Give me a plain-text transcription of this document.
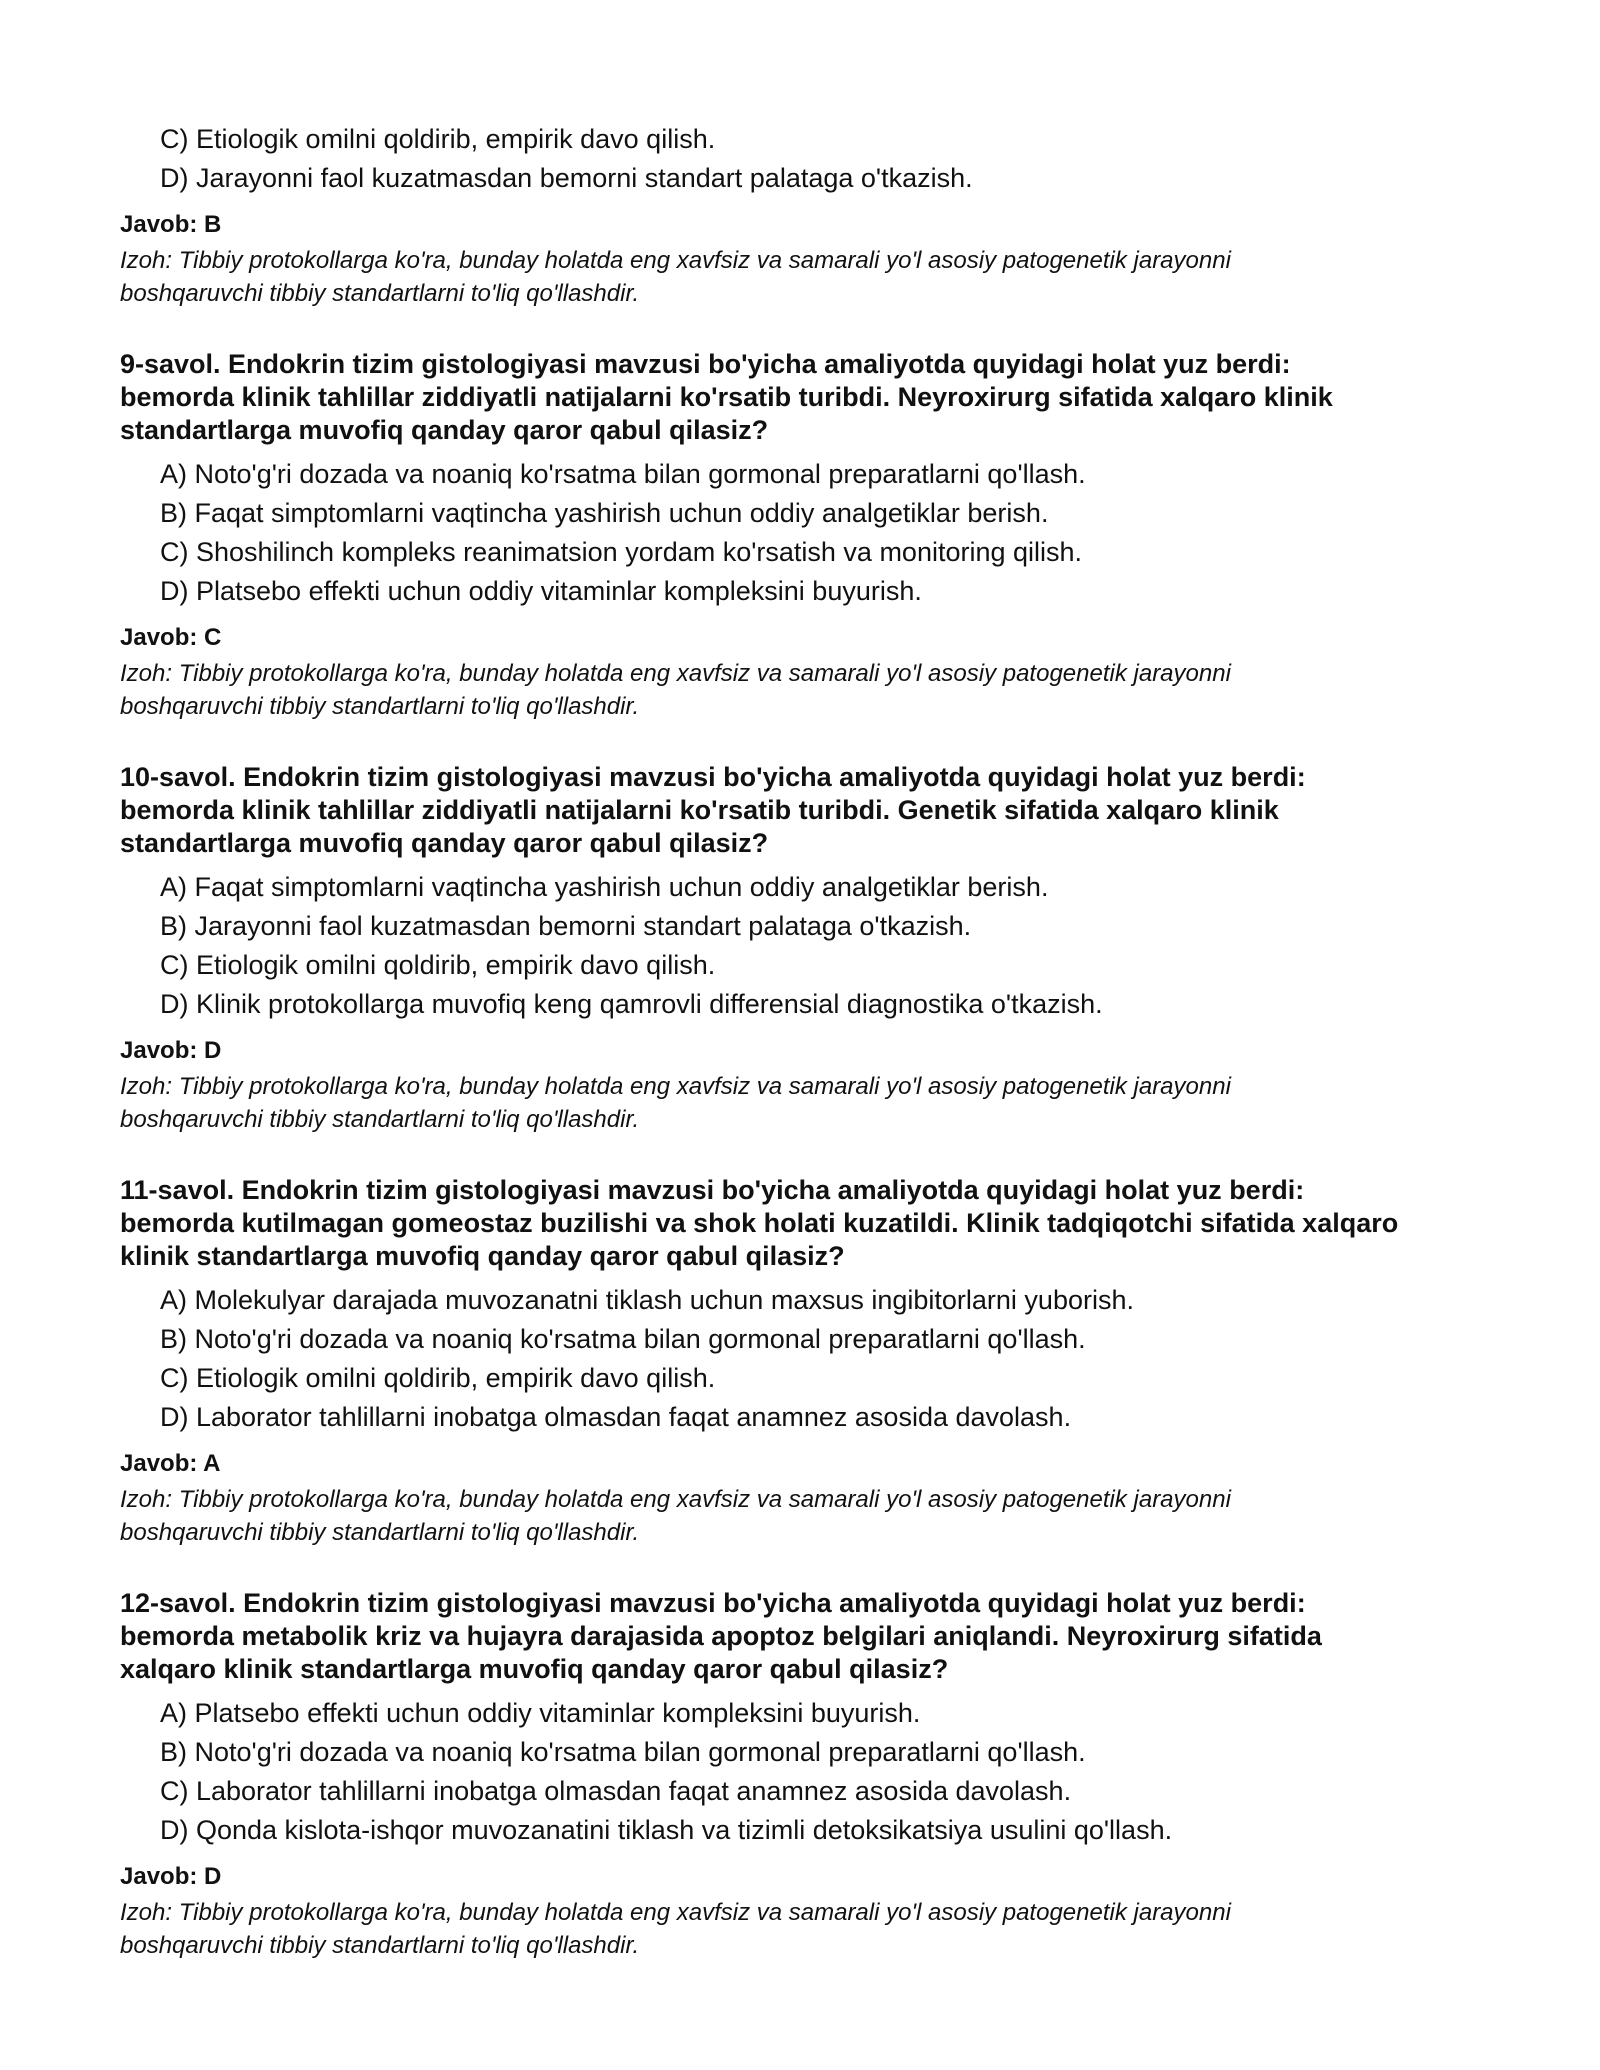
C) Etiologik omilni qoldirib, empirik davo qilish.
D) Jarayonni faol kuzatmasdan bemorni standart palataga o'tkazish.
Javob: B
Izoh: Tibbiy protokollarga ko'ra, bunday holatda eng xavfsiz va samarali yo'l asosiy patogenetik jarayonni
boshqaruvchi tibbiy standartlarni to'liq qo'llashdir.
9-savol. Endokrin tizim gistologiyasi mavzusi bo'yicha amaliyotda quyidagi holat yuz berdi:
bemorda klinik tahlillar ziddiyatli natijalarni ko'rsatib turibdi. Neyroxirurg sifatida xalqaro klinik
standartlarga muvofiq qanday qaror qabul qilasiz?
A) Noto'g'ri dozada va noaniq ko'rsatma bilan gormonal preparatlarni qo'llash.
B) Faqat simptomlarni vaqtincha yashirish uchun oddiy analgetiklar berish.
C) Shoshilinch kompleks reanimatsion yordam ko'rsatish va monitoring qilish.
D) Platsebo effekti uchun oddiy vitaminlar kompleksini buyurish.
Javob: C
Izoh: Tibbiy protokollarga ko'ra, bunday holatda eng xavfsiz va samarali yo'l asosiy patogenetik jarayonni
boshqaruvchi tibbiy standartlarni to'liq qo'llashdir.
10-savol. Endokrin tizim gistologiyasi mavzusi bo'yicha amaliyotda quyidagi holat yuz berdi:
bemorda klinik tahlillar ziddiyatli natijalarni ko'rsatib turibdi. Genetik sifatida xalqaro klinik
standartlarga muvofiq qanday qaror qabul qilasiz?
A) Faqat simptomlarni vaqtincha yashirish uchun oddiy analgetiklar berish.
B) Jarayonni faol kuzatmasdan bemorni standart palataga o'tkazish.
C) Etiologik omilni qoldirib, empirik davo qilish.
D) Klinik protokollarga muvofiq keng qamrovli differensial diagnostika o'tkazish.
Javob: D
Izoh: Tibbiy protokollarga ko'ra, bunday holatda eng xavfsiz va samarali yo'l asosiy patogenetik jarayonni
boshqaruvchi tibbiy standartlarni to'liq qo'llashdir.
11-savol. Endokrin tizim gistologiyasi mavzusi bo'yicha amaliyotda quyidagi holat yuz berdi:
bemorda kutilmagan gomeostaz buzilishi va shok holati kuzatildi. Klinik tadqiqotchi sifatida xalqaro
klinik standartlarga muvofiq qanday qaror qabul qilasiz?
A) Molekulyar darajada muvozanatni tiklash uchun maxsus ingibitorlarni yuborish.
B) Noto'g'ri dozada va noaniq ko'rsatma bilan gormonal preparatlarni qo'llash.
C) Etiologik omilni qoldirib, empirik davo qilish.
D) Laborator tahlillarni inobatga olmasdan faqat anamnez asosida davolash.
Javob: A
Izoh: Tibbiy protokollarga ko'ra, bunday holatda eng xavfsiz va samarali yo'l asosiy patogenetik jarayonni
boshqaruvchi tibbiy standartlarni to'liq qo'llashdir.
12-savol. Endokrin tizim gistologiyasi mavzusi bo'yicha amaliyotda quyidagi holat yuz berdi:
bemorda metabolik kriz va hujayra darajasida apoptoz belgilari aniqlandi. Neyroxirurg sifatida
xalqaro klinik standartlarga muvofiq qanday qaror qabul qilasiz?
A) Platsebo effekti uchun oddiy vitaminlar kompleksini buyurish.
B) Noto'g'ri dozada va noaniq ko'rsatma bilan gormonal preparatlarni qo'llash.
C) Laborator tahlillarni inobatga olmasdan faqat anamnez asosida davolash.
D) Qonda kislota-ishqor muvozanatini tiklash va tizimli detoksikatsiya usulini qo'llash.
Javob: D
Izoh: Tibbiy protokollarga ko'ra, bunday holatda eng xavfsiz va samarali yo'l asosiy patogenetik jarayonni
boshqaruvchi tibbiy standartlarni to'liq qo'llashdir.
